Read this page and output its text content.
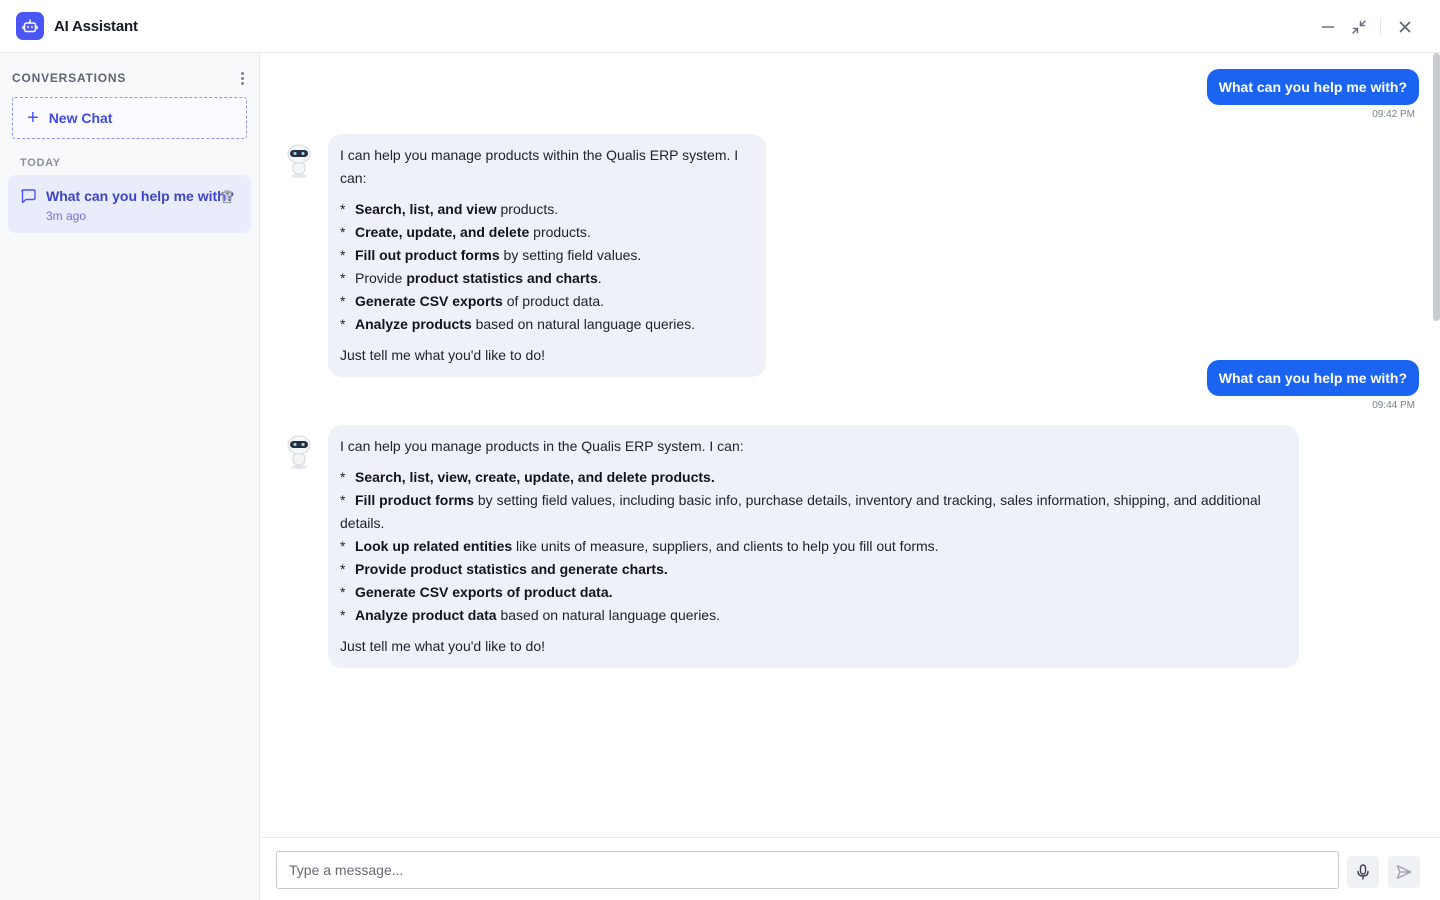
AI Assistant
CONVERSATIONS
+ New Chat
TODAY
What can you help me with?
3m ago
What can you help me with?
09:42 PM

I can help you manage products within the Qualis ERP system. I can:

* Search, list, and view products.
* Create, update, and delete products.
* Fill out product forms by setting field values.
* Provide product statistics and charts.
* Generate CSV exports of product data.
* Analyze products based on natural language queries.

Just tell me what you'd like to do!

What can you help me with?
09:44 PM

I can help you manage products in the Qualis ERP system. I can:

* Search, list, view, create, update, and delete products.
* Fill product forms by setting field values, including basic info, purchase details, inventory and tracking, sales information, shipping, and additional details.
* Look up related entities like units of measure, suppliers, and clients to help you fill out forms.
* Provide product statistics and generate charts.
* Generate CSV exports of product data.
* Analyze product data based on natural language queries.

Just tell me what you'd like to do!

Type a message...
